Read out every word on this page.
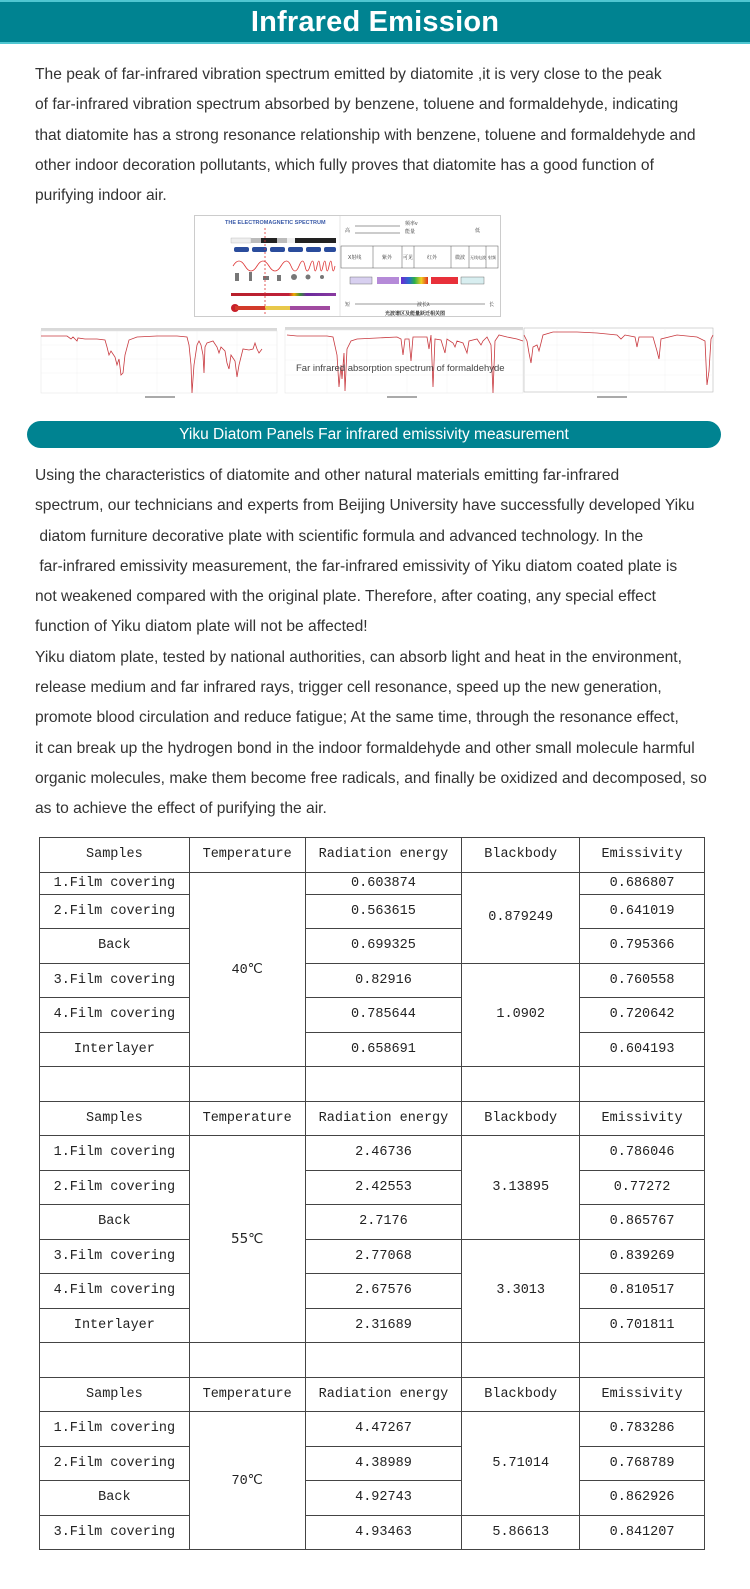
Infrared Emission
The peak of far-infrared vibration spectrum emitted by diatomite ,it is very close to the peak
of far-infrared vibration spectrum absorbed by benzene, toluene and formaldehyde, indicating
that diatomite has a strong resonance relationship with benzene, toluene and formaldehyde and
other indoor decoration pollutants, which fully proves that diatomite has a good function of
purifying indoor air.
THE ELECTROMAGNETIC SPECTRUM
高
频率ν
能量	低
X射线	紫外 可见	红外	微波 无线电波 射频
短	波长λ	长
光波谱区及能量跃迁相关图
Far infrared absorption spectrum of formaldehyde
Yiku Diatom Panels Far infrared emissivity measurement
Using the characteristics of diatomite and other natural materials emitting far-infrared
spectrum, our technicians and experts from Beijing University have successfully developed Yiku
diatom furniture decorative plate with scientific formula and advanced technology. In the
far-infrared emissivity measurement, the far-infrared emissivity of Yiku diatom coated plate is
not weakened compared with the original plate. Therefore, after coating, any special effect
function of Yiku diatom plate will not be affected!
Yiku diatom plate, tested by national authorities, can absorb light and heat in the environment,
release medium and far infrared rays, trigger cell resonance, speed up the new generation,
promote blood circulation and reduce fatigue; At the same time, through the resonance effect,
it can break up the hydrogen bond in the indoor formaldehyde and other small molecule harmful
organic molecules, make them become free radicals, and finally be oxidized and decomposed, so
as to achieve the effect of purifying the air.
Samples	Temperature	Radiation energy	Blackbody	Emissivity
1.Film covering	40℃	0.603874	0.879249	0.686807
2.Film covering		0.563615		0.641019
Back		0.699325		0.795366
3.Film covering		0.82916	1.0902	0.760558
4.Film covering		0.785644		0.720642
Interlayer		0.658691		0.604193

Samples	Temperature	Radiation energy	Blackbody	Emissivity
1.Film covering	55℃	2.46736	3.13895	0.786046
2.Film covering		2.42553		0.77272
Back		2.7176		0.865767
3.Film covering		2.77068	3.3013	0.839269
4.Film covering		2.67576		0.810517
Interlayer		2.31689		0.701811

Samples	Temperature	Radiation energy	Blackbody	Emissivity
1.Film covering	70℃	4.47267	5.71014	0.783286
2.Film covering		4.38989		0.768789
Back		4.92743		0.862926
3.Film covering		4.93463	5.86613	0.841207
